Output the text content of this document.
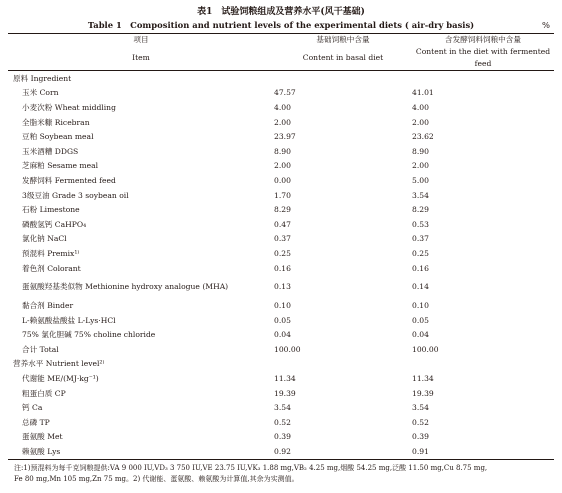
表1　试验饲粮组成及营养水平(风干基础)
Table 1　Composition and nutrient levels of the experimental diets ( air-dry basis)	%
项目	基础饲粮中含量	含发酵饲料饲粮中含量
Item	Content in basal diet	Content in the diet with fermented feed
原料 Ingredient		
玉米 Corn	47.57	41.01
小麦次粉 Wheat middling	4.00	4.00
全脂米糠 Ricebran	2.00	2.00
豆粕 Soybean meal	23.97	23.62
玉米酒糟 DDGS	8.90	8.90
芝麻粕 Sesame meal	2.00	2.00
发酵饲料 Fermented feed	0.00	5.00
3级豆油 Grade 3 soybean oil	1.70	3.54
石粉 Limestone	8.29	8.29
磷酸氢钙 CaHPO₄	0.47	0.53
氯化钠 NaCl	0.37	0.37
预混料 Premix¹⁾	0.25	0.25
着色剂 Colorant	0.16	0.16
蛋氨酸羟基类似物 Methionine hydroxy analogue (MHA)	0.13	0.14
黏合剂 Binder	0.10	0.10
L-赖氨酸盐酸盐 L-Lys·HCl	0.05	0.05
75% 氯化胆碱 75% choline chloride	0.04	0.04
合计 Total	100.00	100.00
营养水平 Nutrient level²⁾		
代谢能 ME/(MJ·kg⁻¹)	11.34	11.34
粗蛋白质 CP	19.39	19.39
钙 Ca	3.54	3.54
总磷 TP	0.52	0.52
蛋氨酸 Met	0.39	0.39
赖氨酸 Lys	0.92	0.91
注:1)预混料为每千克饲粮提供:VA 9 000 IU,VD₃ 3 750 IU,VE 23.75 IU,VK₃ 1.88 mg,VB₂ 4.25 mg,烟酸 54.25 mg,泛酸 11.50 mg,Cu 8.75 mg,
Fe 80 mg,Mn 105 mg,Zn 75 mg。2) 代谢能、蛋氨酸、赖氨酸为计算值,其余为实测值。
